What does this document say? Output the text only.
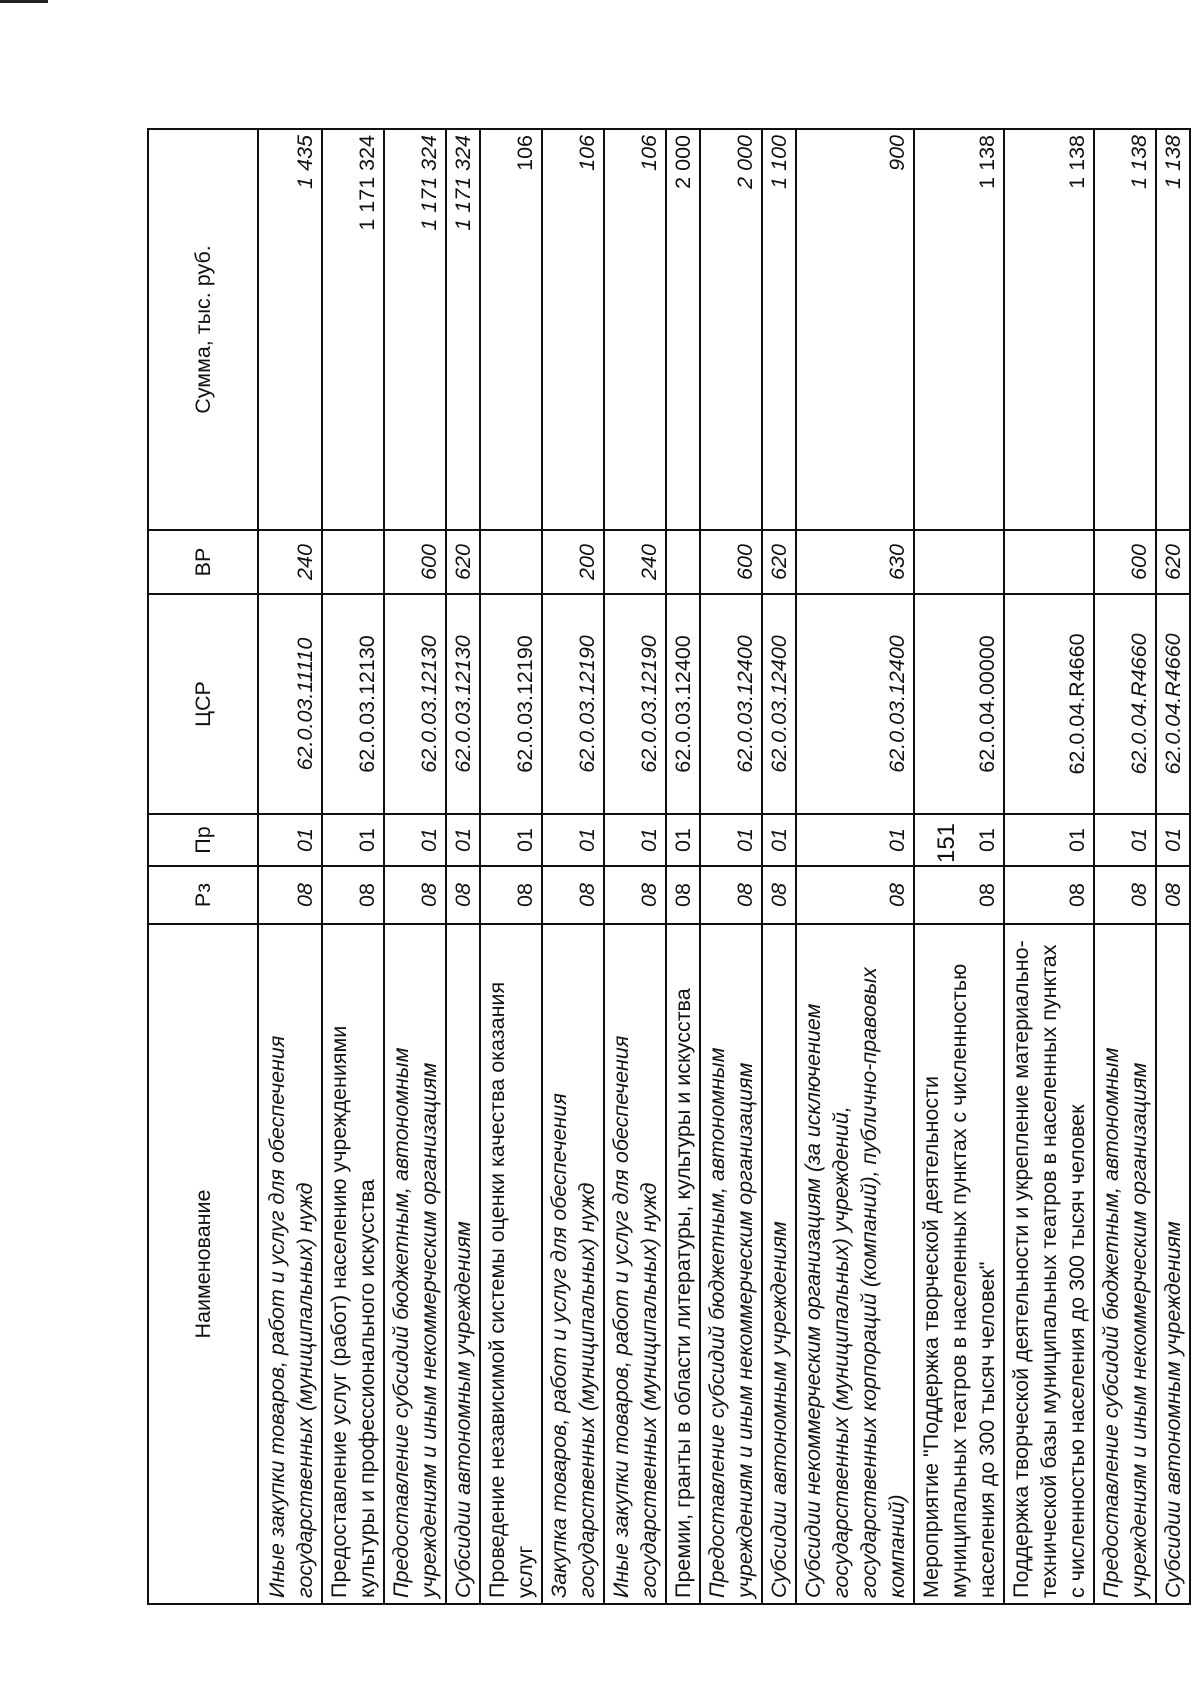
151
Наименование	Рз	Пр	ЦСР	ВР	Сумма, тыс. руб.
Иные закупки товаров, работ и услуг для обеспечения государственных (муниципальных) нужд	08	01	62.0.03.11110	240	1 435
Предоставление услуг (работ) населению учреждениями культуры и профессионального искусства	08	01	62.0.03.12130		1 171 324
Предоставление субсидий бюджетным, автономным учреждениям и иным некоммерческим организациям	08	01	62.0.03.12130	600	1 171 324
Субсидии автономным учреждениям	08	01	62.0.03.12130	620	1 171 324
Проведение независимой системы оценки качества оказания услуг	08	01	62.0.03.12190		106
Закупка товаров, работ и услуг для обеспечения государственных (муниципальных) нужд	08	01	62.0.03.12190	200	106
Иные закупки товаров, работ и услуг для обеспечения государственных (муниципальных) нужд	08	01	62.0.03.12190	240	106
Премии, гранты в области литературы, культуры и искусства	08	01	62.0.03.12400		2 000
Предоставление субсидий бюджетным, автономным учреждениям и иным некоммерческим организациям	08	01	62.0.03.12400	600	2 000
Субсидии автономным учреждениям	08	01	62.0.03.12400	620	1 100
Субсидии некоммерческим организациям (за исключением государственных (муниципальных) учреждений, государственных корпораций (компаний), публично-правовых компаний)	08	01	62.0.03.12400	630	900
Мероприятие "Поддержка творческой деятельности муниципальных театров в населенных пунктах с численностью населения до 300 тысяч человек"	08	01	62.0.04.00000		1 138
Поддержка творческой деятельности и укрепление материально-технической базы муниципальных театров в населенных пунктах с численностью населения до 300 тысяч человек	08	01	62.0.04.R4660		1 138
Предоставление субсидий бюджетным, автономным учреждениям и иным некоммерческим организациям	08	01	62.0.04.R4660	600	1 138
Субсидии автономным учреждениям	08	01	62.0.04.R4660	620	1 138
